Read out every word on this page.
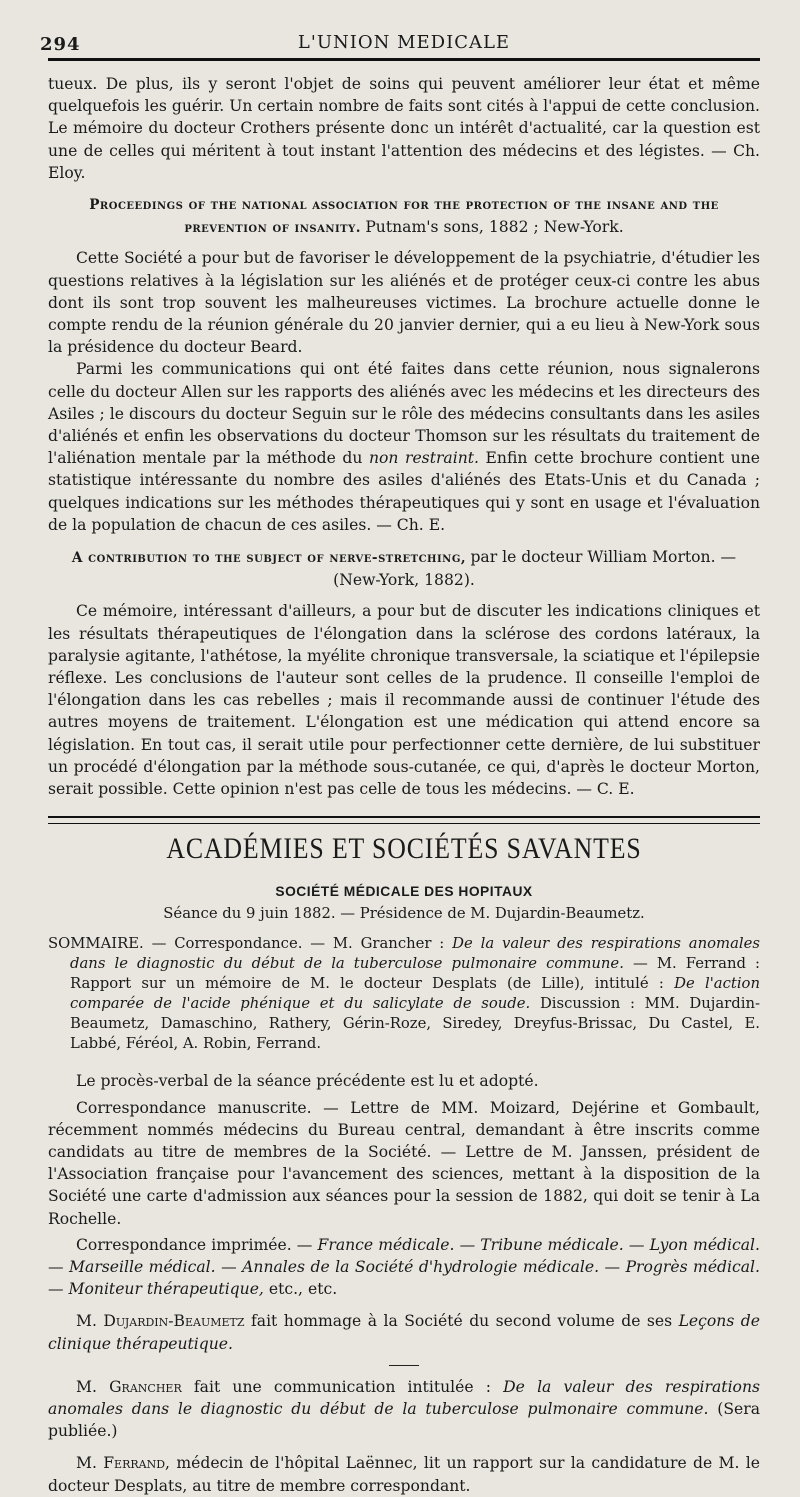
294	L'UNION MEDICALE

tueux. De plus, ils y seront l'objet de soins qui peuvent améliorer leur état et même quelquefois les guérir. Un certain nombre de faits sont cités à l'appui de cette conclusion. Le mémoire du docteur Crothers présente donc un intérêt d'actualité, car la question est une de celles qui méritent à tout instant l'attention des médecins et des légistes. — Ch. Eloy.

Proceedings of the national association for the protection of the insane and the prevention of insanity. Putnam's sons, 1882 ; New-York.

Cette Société a pour but de favoriser le développement de la psychiatrie, d'étudier les questions relatives à la législation sur les aliénés et de protéger ceux-ci contre les abus dont ils sont trop souvent les malheureuses victimes. La brochure actuelle donne le compte rendu de la réunion générale du 20 janvier dernier, qui a eu lieu à New-York sous la présidence du docteur Beard.

Parmi les communications qui ont été faites dans cette réunion, nous signalerons celle du docteur Allen sur les rapports des aliénés avec les médecins et les directeurs des Asiles ; le discours du docteur Seguin sur le rôle des médecins consultants dans les asiles d'aliénés et enfin les observations du docteur Thomson sur les résultats du traitement de l'aliénation mentale par la méthode du non restraint. Enfin cette brochure contient une statistique intéressante du nombre des asiles d'aliénés des Etats-Unis et du Canada ; quelques indications sur les méthodes thérapeutiques qui y sont en usage et l'évaluation de la population de chacun de ces asiles. — Ch. E.

A contribution to the subject of nerve-stretching, par le docteur William Morton. — (New-York, 1882).

Ce mémoire, intéressant d'ailleurs, a pour but de discuter les indications cliniques et les résultats thérapeutiques de l'élongation dans la sclérose des cordons latéraux, la paralysie agitante, l'athétose, la myélite chronique transversale, la sciatique et l'épilepsie réflexe. Les conclusions de l'auteur sont celles de la prudence. Il conseille l'emploi de l'élongation dans les cas rebelles ; mais il recommande aussi de continuer l'étude des autres moyens de traitement. L'élongation est une médication qui attend encore sa législation. En tout cas, il serait utile pour perfectionner cette dernière, de lui substituer un procédé d'élongation par la méthode sous-cutanée, ce qui, d'après le docteur Morton, serait possible. Cette opinion n'est pas celle de tous les médecins. — C. E.

ACADÉMIES ET SOCIÉTÉS SAVANTES
SOCIÉTÉ MÉDICALE DES HOPITAUX
Séance du 9 juin 1882. — Présidence de M. Dujardin-Beaumetz.
SOMMAIRE. — Correspondance. — M. Grancher : De la valeur des respirations anomales dans le diagnostic du début de la tuberculose pulmonaire commune. — M. Ferrand : Rapport sur un mémoire de M. le docteur Desplats (de Lille), intitulé : De l'action comparée de l'acide phénique et du salicylate de soude. Discussion : MM. Dujardin-Beaumetz, Damaschino, Rathery, Gérin-Roze, Siredey, Dreyfus-Brissac, Du Castel, E. Labbé, Féréol, A. Robin, Ferrand.

Le procès-verbal de la séance précédente est lu et adopté.

Correspondance manuscrite. — Lettre de MM. Moizard, Dejérine et Gombault, récemment nommés médecins du Bureau central, demandant à être inscrits comme candidats au titre de membres de la Société. — Lettre de M. Janssen, président de l'Association française pour l'avancement des sciences, mettant à la disposition de la Société une carte d'admission aux séances pour la session de 1882, qui doit se tenir à La Rochelle.

Correspondance imprimée. — France médicale. — Tribune médicale. — Lyon médical. — Marseille médical. — Annales de la Société d'hydrologie médicale. — Progrès médical. — Moniteur thérapeutique, etc., etc.

M. Dujardin-Beaumetz fait hommage à la Société du second volume de ses Leçons de clinique thérapeutique.

M. Grancher fait une communication intitulée : De la valeur des respirations anomales dans le diagnostic du début de la tuberculose pulmonaire commune. (Sera publiée.)

M. Ferrand, médecin de l'hôpital Laënnec, lit un rapport sur la candidature de M. le docteur Desplats, au titre de membre correspondant.
